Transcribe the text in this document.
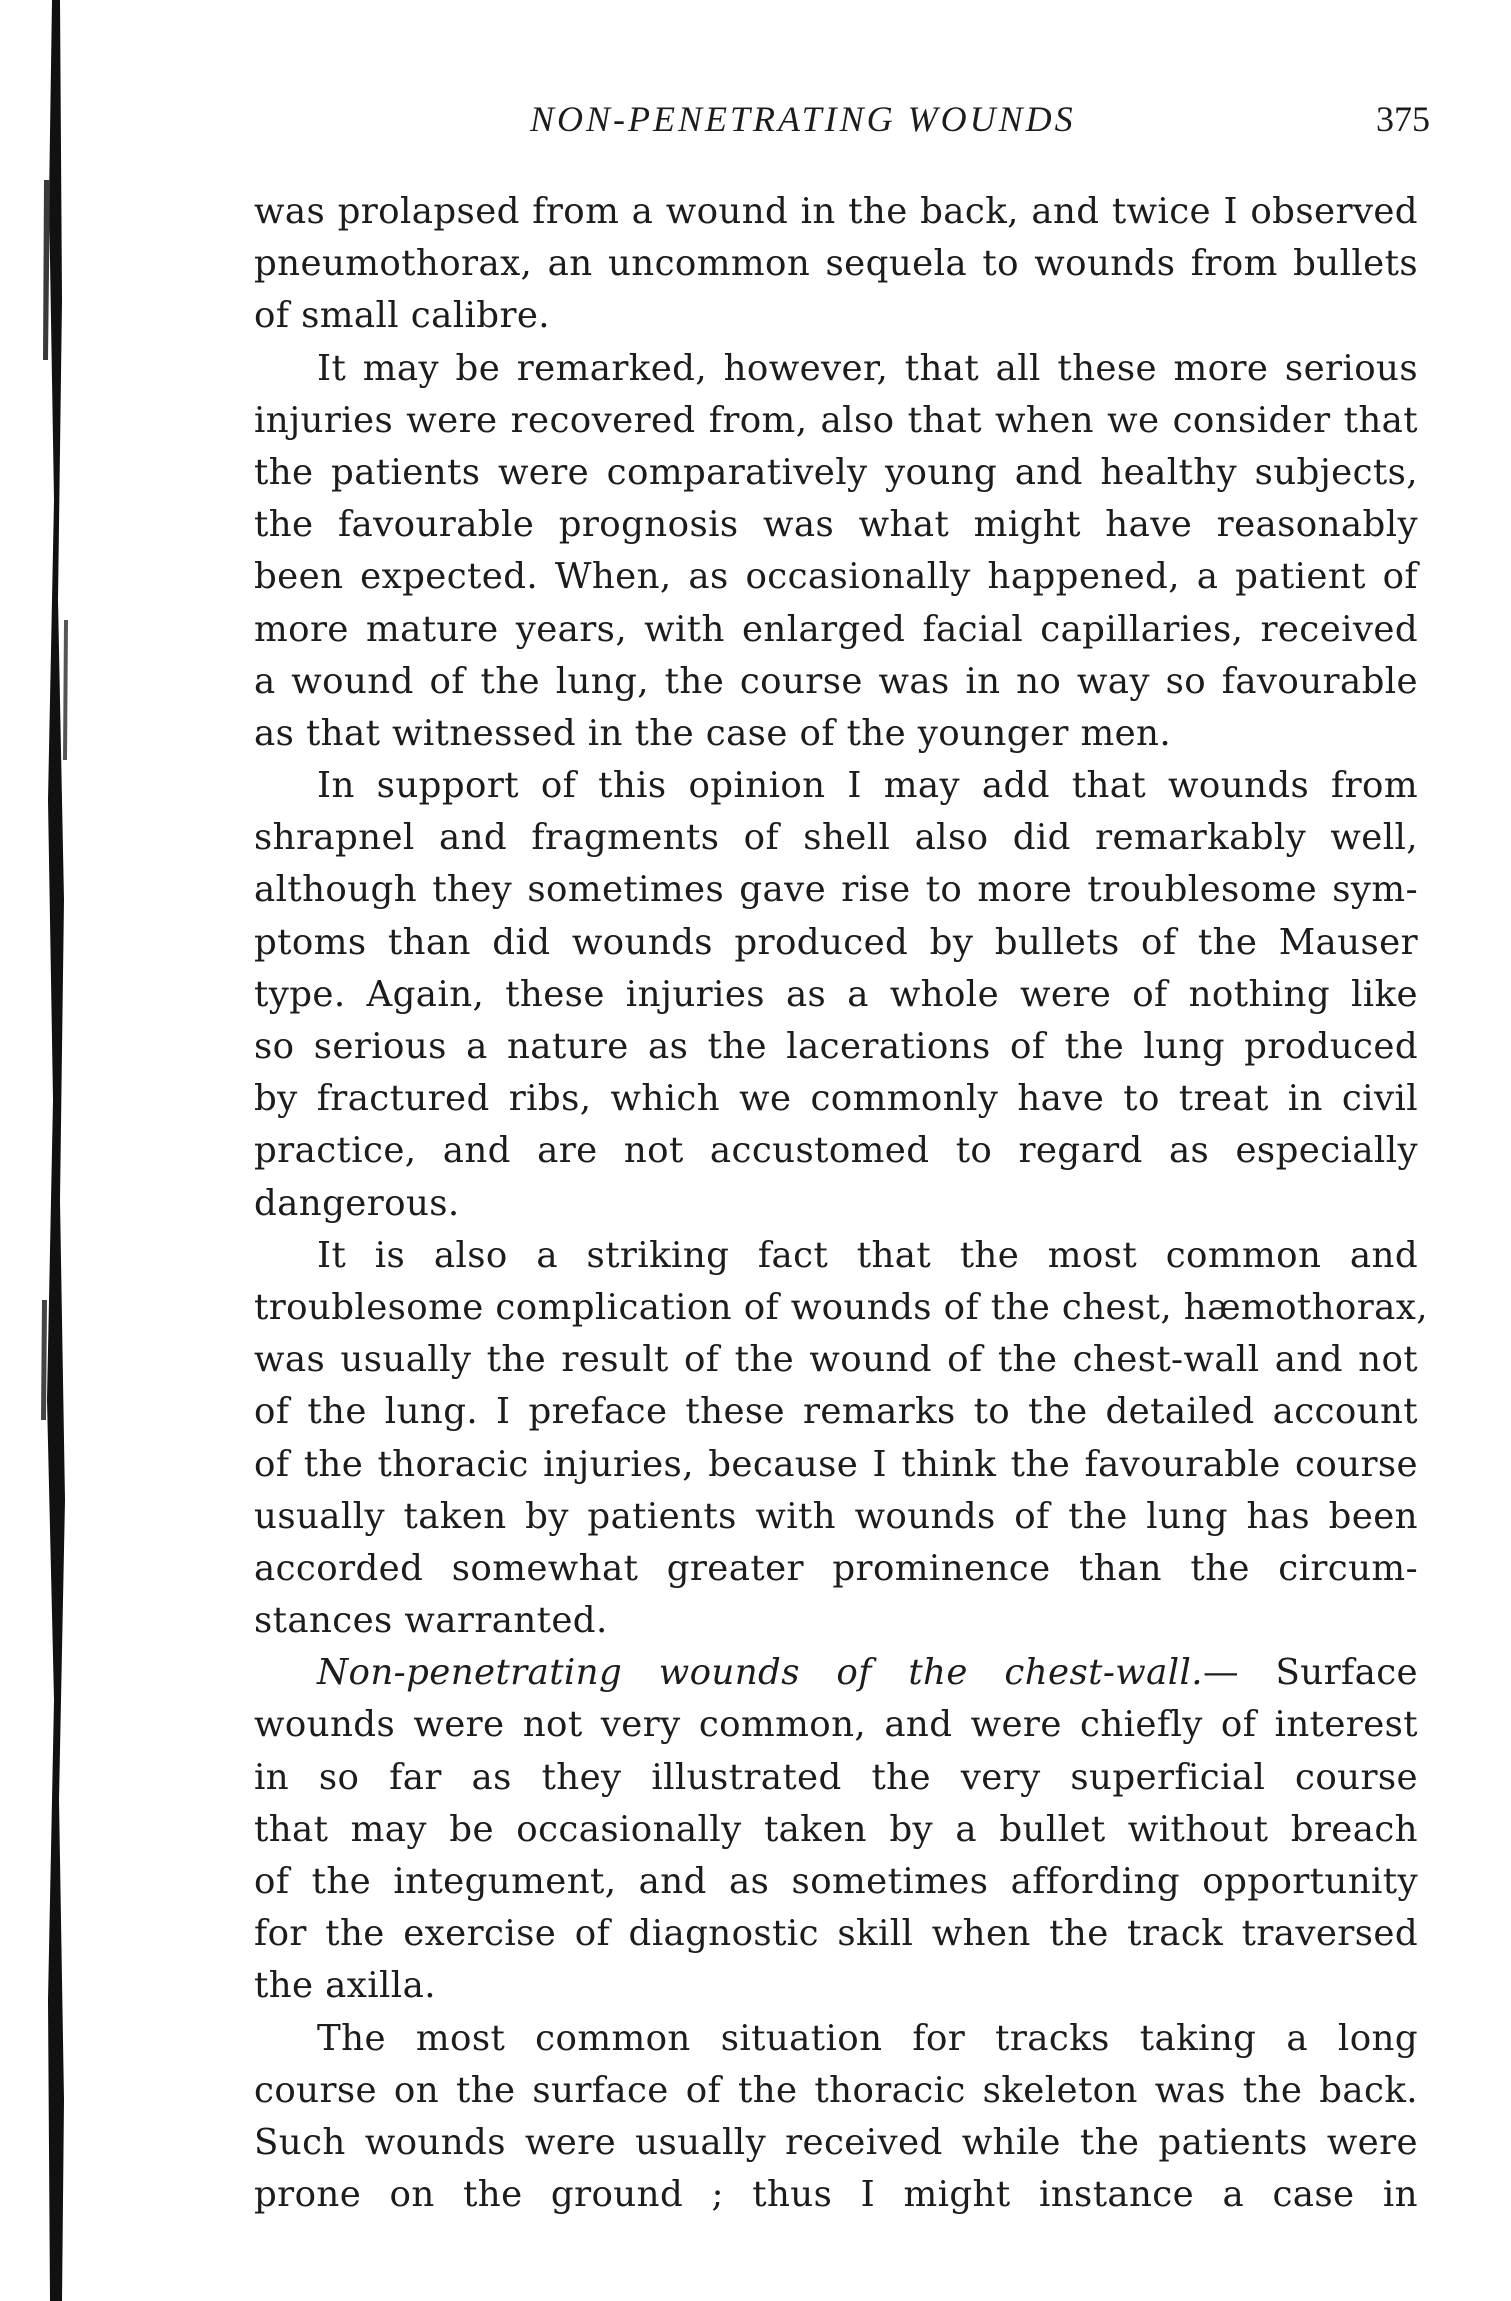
NON-PENETRATING WOUNDS	375
was prolapsed from a wound in the back, and twice I observed
pneumothorax, an uncommon sequela to wounds from bullets
of small calibre.
It may be remarked, however, that all these more serious
injuries were recovered from, also that when we consider that
the patients were comparatively young and healthy subjects,
the favourable prognosis was what might have reasonably
been expected. When, as occasionally happened, a patient of
more mature years, with enlarged facial capillaries, received
a wound of the lung, the course was in no way so favourable
as that witnessed in the case of the younger men.
In support of this opinion I may add that wounds from
shrapnel and fragments of shell also did remarkably well,
although they sometimes gave rise to more troublesome sym-
ptoms than did wounds produced by bullets of the Mauser
type. Again, these injuries as a whole were of nothing like
so serious a nature as the lacerations of the lung produced
by fractured ribs, which we commonly have to treat in civil
practice, and are not accustomed to regard as especially
dangerous.
It is also a striking fact that the most common and
troublesome complication of wounds of the chest, hæmothorax,
was usually the result of the wound of the chest-wall and not
of the lung. I preface these remarks to the detailed account
of the thoracic injuries, because I think the favourable course
usually taken by patients with wounds of the lung has been
accorded somewhat greater prominence than the circum-
stances warranted.
Non-penetrating wounds of the chest-wall.— Surface
wounds were not very common, and were chiefly of interest
in so far as they illustrated the very superficial course
that may be occasionally taken by a bullet without breach
of the integument, and as sometimes affording opportunity
for the exercise of diagnostic skill when the track traversed
the axilla.
The most common situation for tracks taking a long
course on the surface of the thoracic skeleton was the back.
Such wounds were usually received while the patients were
prone on the ground ; thus I might instance a case in
